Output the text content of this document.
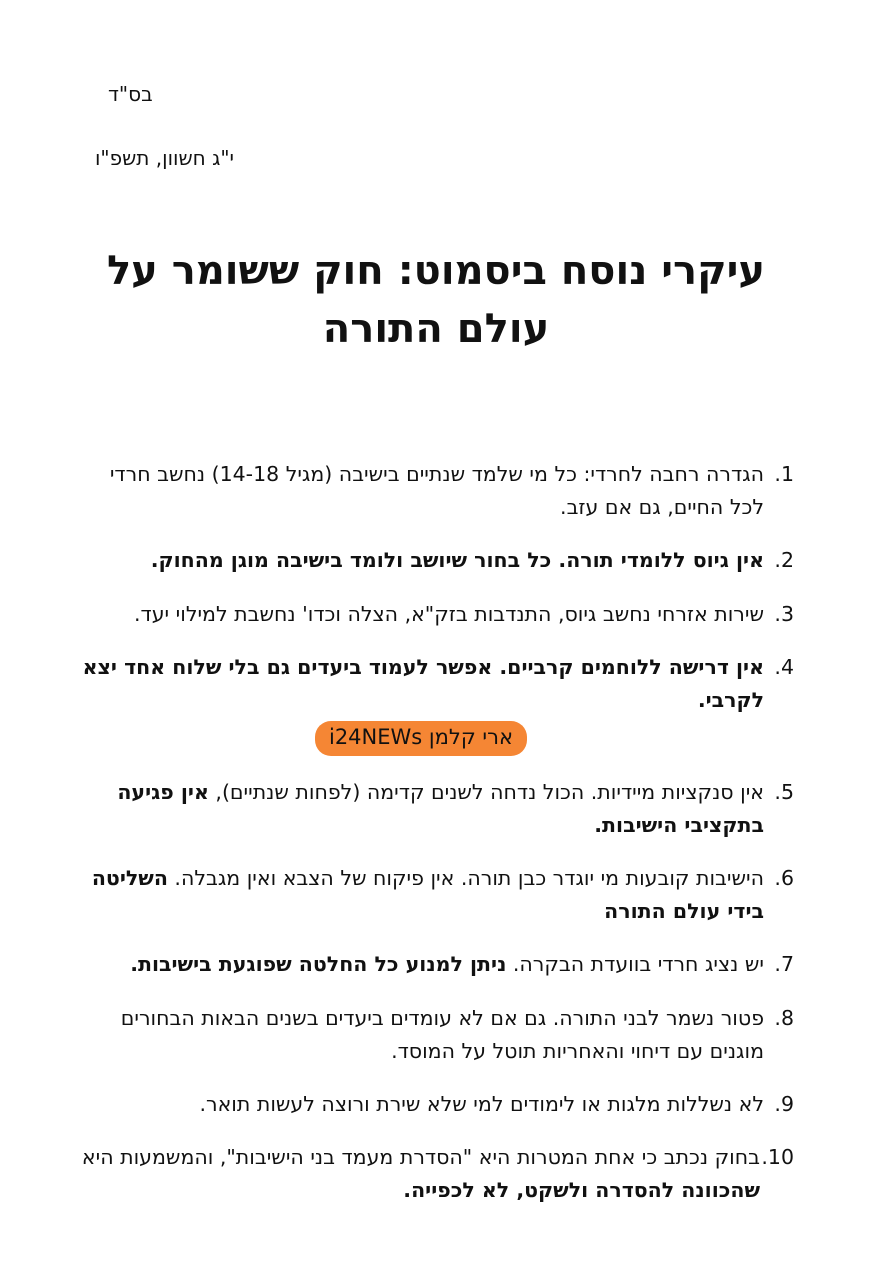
בס"ד
י"ג חשוון, תשפ"ו
עיקרי נוסח ביסמוט: חוק ששומר על עולם התורה
1.
הגדרה רחבה לחרדי: כל מי שלמד שנתיים בישיבה (מגיל 14-18) נחשב חרדי לכל החיים, גם אם עזב.
2.
אין גיוס ללומדי תורה. כל בחור שיושב ולומד בישיבה מוגן מהחוק.
3.
שירות אזרחי נחשב גיוס, התנדבות בזק"א, הצלה וכדו' נחשבת למילוי יעד.
4.
אין דרישה ללוחמים קרביים. אפשר לעמוד ביעדים גם בלי שלוח אחד יצא לקרבי.
ארי קלמן i24NEWs
5.
אין סנקציות מיידיות. הכול נדחה לשנים קדימה (לפחות שנתיים), אין פגיעה בתקציבי הישיבות.
6.
הישיבות קובעות מי יוגדר כבן תורה. אין פיקוח של הצבא ואין מגבלה. השליטה בידי עולם התורה
7.
יש נציג חרדי בוועדת הבקרה. ניתן למנוע כל החלטה שפוגעת בישיבות.
8.
פטור נשמר לבני התורה. גם אם לא עומדים ביעדים בשנים הבאות הבחורים מוגנים עם דיחוי והאחריות תוטל על המוסד.
9.
לא נשללות מלגות או לימודים למי שלא שירת ורוצה לעשות תואר.
10.
בחוק נכתב כי אחת המטרות היא "הסדרת מעמד בני הישיבות", והמשמעות היא שהכוונה להסדרה ולשקט, לא לכפייה.
